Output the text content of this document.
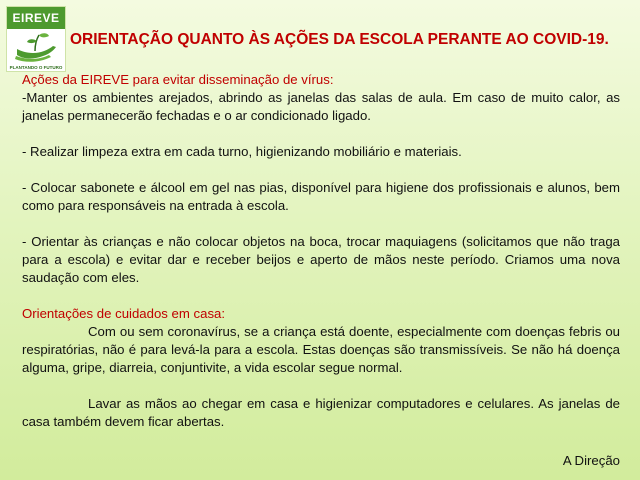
EIREVE
PLANTANDO O FUTURO
ORIENTAÇÃO QUANTO ÀS AÇÕES DA ESCOLA PERANTE AO COVID-19.

Ações da EIREVE para evitar disseminação de vírus:

-Manter os ambientes arejados, abrindo as janelas das salas de aula. Em caso de muito calor, as janelas permanecerão fechadas e o ar condicionado ligado.

- Realizar limpeza extra em cada turno, higienizando mobiliário e materiais.

- Colocar sabonete e álcool em gel nas pias, disponível para higiene dos profissionais e alunos, bem como para responsáveis na entrada à escola.

- Orientar às crianças e não colocar objetos na boca, trocar maquiagens (solicitamos que não traga para a escola) e evitar dar e receber beijos e aperto de mãos neste período. Criamos uma nova saudação com eles.

Orientações de cuidados em casa:

Com ou sem coronavírus, se a criança está doente, especialmente com doenças febris ou respiratórias, não é para levá-la para a escola. Estas doenças são transmissíveis. Se não há doença alguma, gripe, diarreia, conjuntivite, a vida escolar segue normal.

Lavar as mãos ao chegar em casa e higienizar computadores e celulares. As janelas de casa também devem ficar abertas.

A Direção
